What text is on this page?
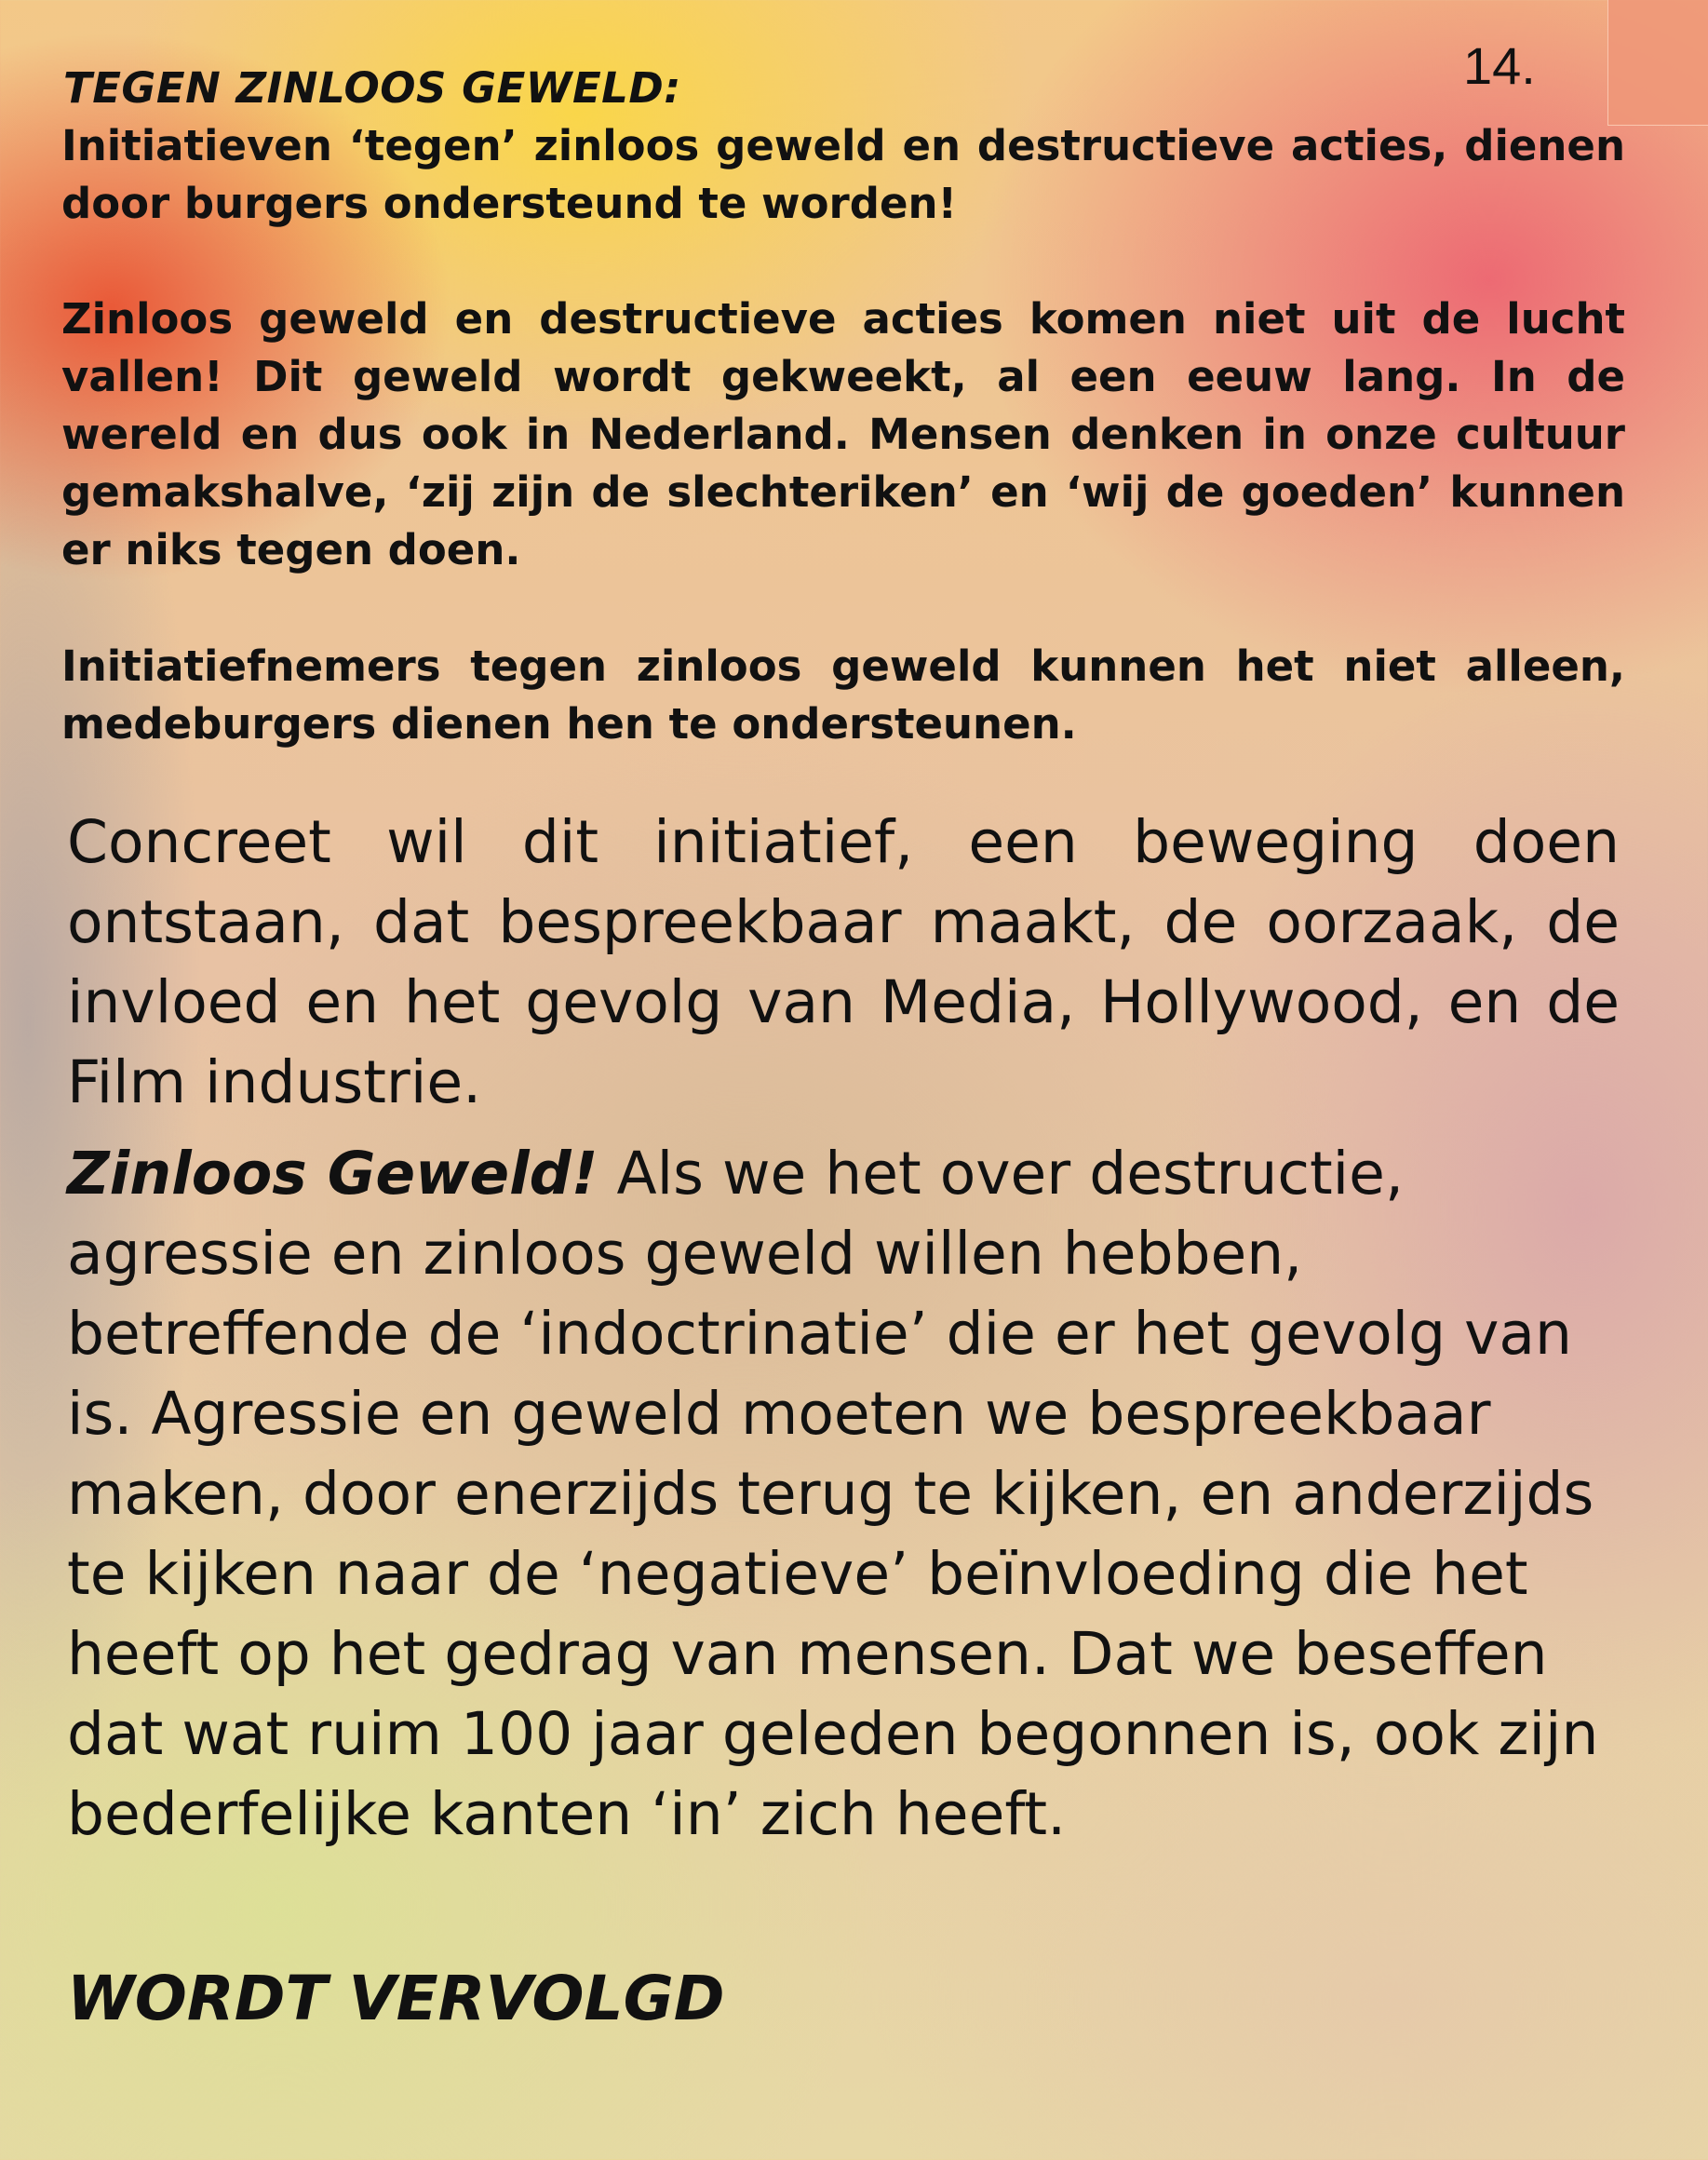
14.
TEGEN ZINLOOS GEWELD:
Initiatieven ‘tegen’ zinloos geweld en destructieve acties, dienen door burgers ondersteund te worden!
Zinloos geweld en destructieve acties komen niet uit de lucht vallen! Dit geweld wordt gekweekt, al een eeuw lang. In de wereld en dus ook in Nederland. Mensen denken in onze cultuur gemakshalve, ‘zij zijn de slechteriken’ en ‘wij de goeden’ kunnen er niks tegen doen.
Initiatiefnemers tegen zinloos geweld kunnen het niet alleen, medeburgers dienen hen te ondersteunen.
Concreet wil dit initiatief, een beweging doen ontstaan, dat bespreekbaar maakt, de oorzaak, de invloed en het gevolg van Media, Hollywood, en de Film industrie.
Zinloos Geweld! Als we het over destructie, agressie en zinloos geweld willen hebben, betreffende de ‘indoctrinatie’ die er het gevolg van is. Agressie en geweld moeten we bespreekbaar maken, door enerzijds terug te kijken, en anderzijds te kijken naar de ‘negatieve’ beïnvloeding die het heeft op het gedrag van mensen. Dat we beseffen dat wat ruim 100 jaar geleden begonnen is, ook zijn bederfelijke kanten ‘in’ zich heeft.
WORDT VERVOLGD
